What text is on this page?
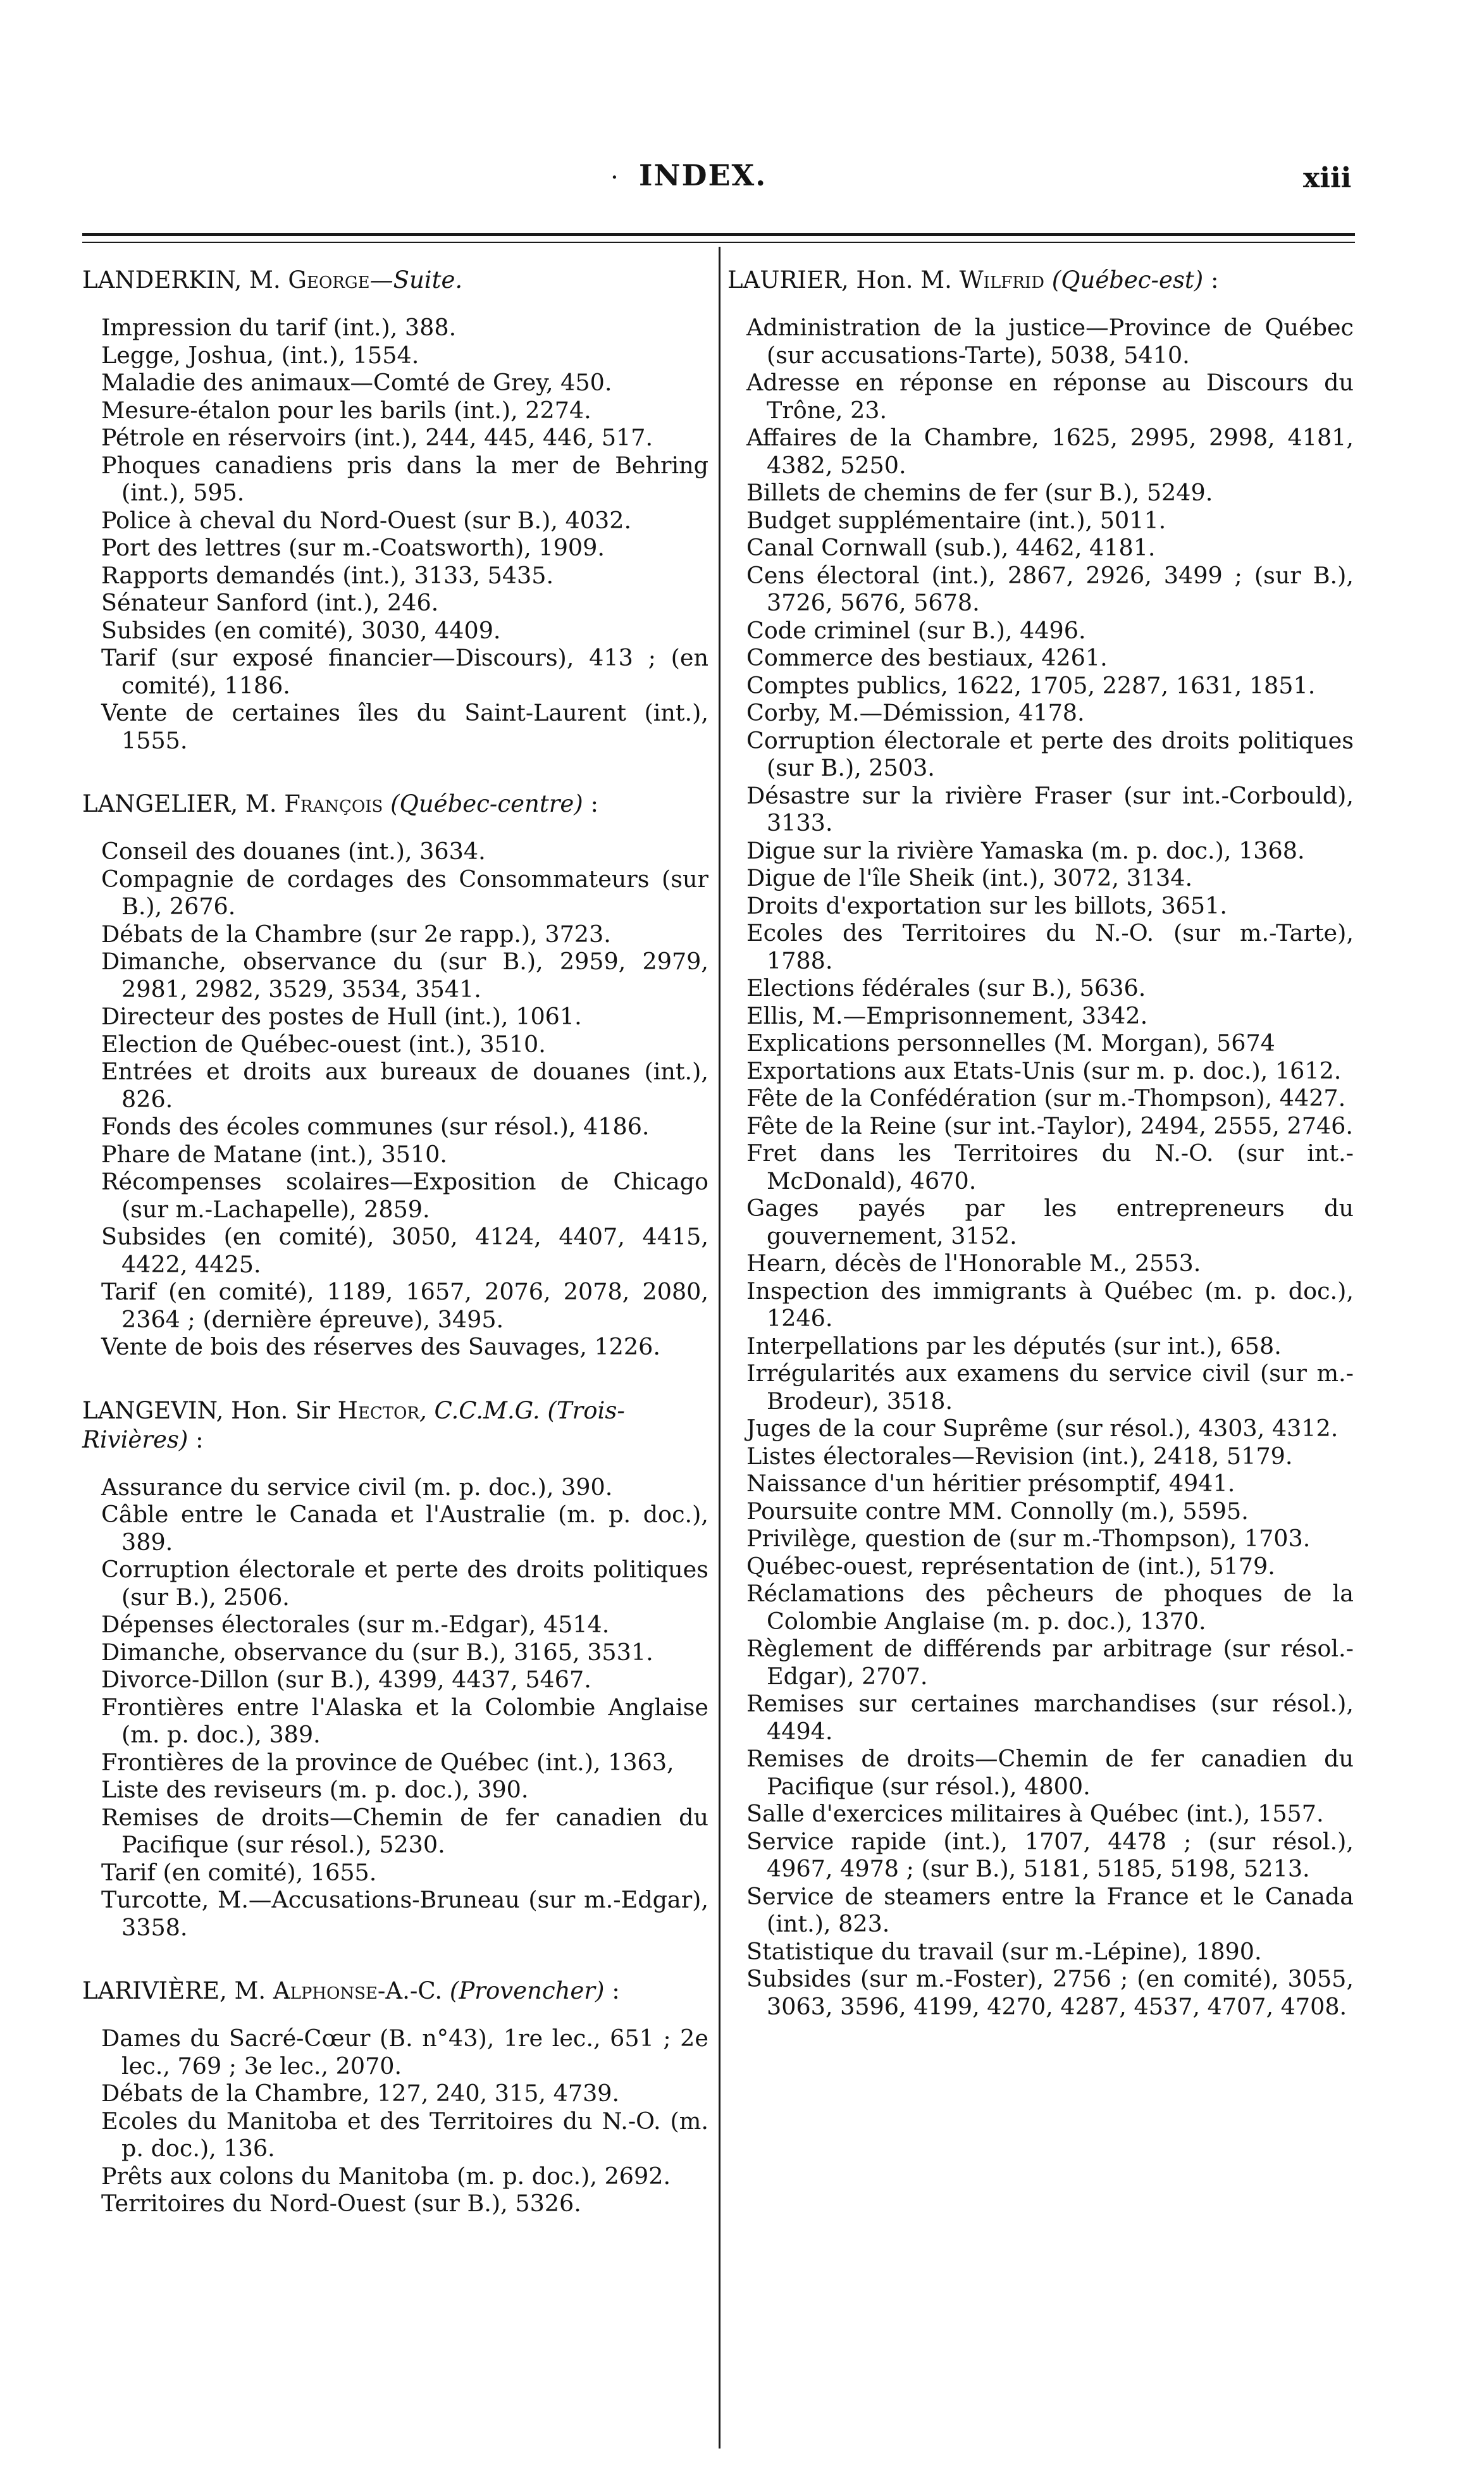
. INDEX.	xiii
LANDERKIN, M. George—Suite.
Impression du tarif (int.), 388.
Legge, Joshua, (int.), 1554.
Maladie des animaux—Comté de Grey, 450.
Mesure-étalon pour les barils (int.), 2274.
Pétrole en réservoirs (int.), 244, 445, 446, 517.
Phoques canadiens pris dans la mer de Behring (int.), 595.
Police à cheval du Nord-Ouest (sur B.), 4032.
Port des lettres (sur m.-Coatsworth), 1909.
Rapports demandés (int.), 3133, 5435.
Sénateur Sanford (int.), 246.
Subsides (en comité), 3030, 4409.
Tarif (sur exposé financier—Discours), 413 ; (en comité), 1186.
Vente de certaines îles du Saint-Laurent (int.), 1555.
LANGELIER, M. François (Québec-centre) :
Conseil des douanes (int.), 3634.
Compagnie de cordages des Consommateurs (sur B.), 2676.
Débats de la Chambre (sur 2e rapp.), 3723.
Dimanche, observance du (sur B.), 2959, 2979, 2981, 2982, 3529, 3534, 3541.
Directeur des postes de Hull (int.), 1061.
Election de Québec-ouest (int.), 3510.
Entrées et droits aux bureaux de douanes (int.), 826.
Fonds des écoles communes (sur résol.), 4186.
Phare de Matane (int.), 3510.
Récompenses scolaires—Exposition de Chicago (sur m.-Lachapelle), 2859.
Subsides (en comité), 3050, 4124, 4407, 4415, 4422, 4425.
Tarif (en comité), 1189, 1657, 2076, 2078, 2080, 2364 ; (dernière épreuve), 3495.
Vente de bois des réserves des Sauvages, 1226.
LANGEVIN, Hon. Sir Hector, C.C.M.G. (Trois-Rivières) :
Assurance du service civil (m. p. doc.), 390.
Câble entre le Canada et l'Australie (m. p. doc.), 389.
Corruption électorale et perte des droits politiques (sur B.), 2506.
Dépenses électorales (sur m.-Edgar), 4514.
Dimanche, observance du (sur B.), 3165, 3531.
Divorce-Dillon (sur B.), 4399, 4437, 5467.
Frontières entre l'Alaska et la Colombie Anglaise (m. p. doc.), 389.
Frontières de la province de Québec (int.), 1363,
Liste des reviseurs (m. p. doc.), 390.
Remises de droits—Chemin de fer canadien du Pacifique (sur résol.), 5230.
Tarif (en comité), 1655.
Turcotte, M.—Accusations-Bruneau (sur m.-Edgar), 3358.
LARIVIÈRE, M. Alphonse-A.-C. (Provencher) :
Dames du Sacré-Cœur (B. n°43), 1re lec., 651 ; 2e lec., 769 ; 3e lec., 2070.
Débats de la Chambre, 127, 240, 315, 4739.
Ecoles du Manitoba et des Territoires du N.-O. (m. p. doc.), 136.
Prêts aux colons du Manitoba (m. p. doc.), 2692.
Territoires du Nord-Ouest (sur B.), 5326.
LAURIER, Hon. M. Wilfrid (Québec-est) :
Administration de la justice—Province de Québec (sur accusations-Tarte), 5038, 5410.
Adresse en réponse en réponse au Discours du Trône, 23.
Affaires de la Chambre, 1625, 2995, 2998, 4181, 4382, 5250.
Billets de chemins de fer (sur B.), 5249.
Budget supplémentaire (int.), 5011.
Canal Cornwall (sub.), 4462, 4181.
Cens électoral (int.), 2867, 2926, 3499 ; (sur B.), 3726, 5676, 5678.
Code criminel (sur B.), 4496.
Commerce des bestiaux, 4261.
Comptes publics, 1622, 1705, 2287, 1631, 1851.
Corby, M.—Démission, 4178.
Corruption électorale et perte des droits politiques (sur B.), 2503.
Désastre sur la rivière Fraser (sur int.-Corbould), 3133.
Digue sur la rivière Yamaska (m. p. doc.), 1368.
Digue de l'île Sheik (int.), 3072, 3134.
Droits d'exportation sur les billots, 3651.
Ecoles des Territoires du N.-O. (sur m.-Tarte), 1788.
Elections fédérales (sur B.), 5636.
Ellis, M.—Emprisonnement, 3342.
Explications personnelles (M. Morgan), 5674
Exportations aux Etats-Unis (sur m. p. doc.), 1612.
Fête de la Confédération (sur m.-Thompson), 4427.
Fête de la Reine (sur int.-Taylor), 2494, 2555, 2746.
Fret dans les Territoires du N.-O. (sur int.-McDonald), 4670.
Gages payés par les entrepreneurs du gouvernement, 3152.
Hearn, décès de l'Honorable M., 2553.
Inspection des immigrants à Québec (m. p. doc.), 1246.
Interpellations par les députés (sur int.), 658.
Irrégularités aux examens du service civil (sur m.-Brodeur), 3518.
Juges de la cour Suprême (sur résol.), 4303, 4312.
Listes électorales—Revision (int.), 2418, 5179.
Naissance d'un héritier présomptif, 4941.
Poursuite contre MM. Connolly (m.), 5595.
Privilège, question de (sur m.-Thompson), 1703.
Québec-ouest, représentation de (int.), 5179.
Réclamations des pêcheurs de phoques de la Colombie Anglaise (m. p. doc.), 1370.
Règlement de différends par arbitrage (sur résol.-Edgar), 2707.
Remises sur certaines marchandises (sur résol.), 4494.
Remises de droits—Chemin de fer canadien du Pacifique (sur résol.), 4800.
Salle d'exercices militaires à Québec (int.), 1557.
Service rapide (int.), 1707, 4478 ; (sur résol.), 4967, 4978 ; (sur B.), 5181, 5185, 5198, 5213.
Service de steamers entre la France et le Canada (int.), 823.
Statistique du travail (sur m.-Lépine), 1890.
Subsides (sur m.-Foster), 2756 ; (en comité), 3055, 3063, 3596, 4199, 4270, 4287, 4537, 4707, 4708.
